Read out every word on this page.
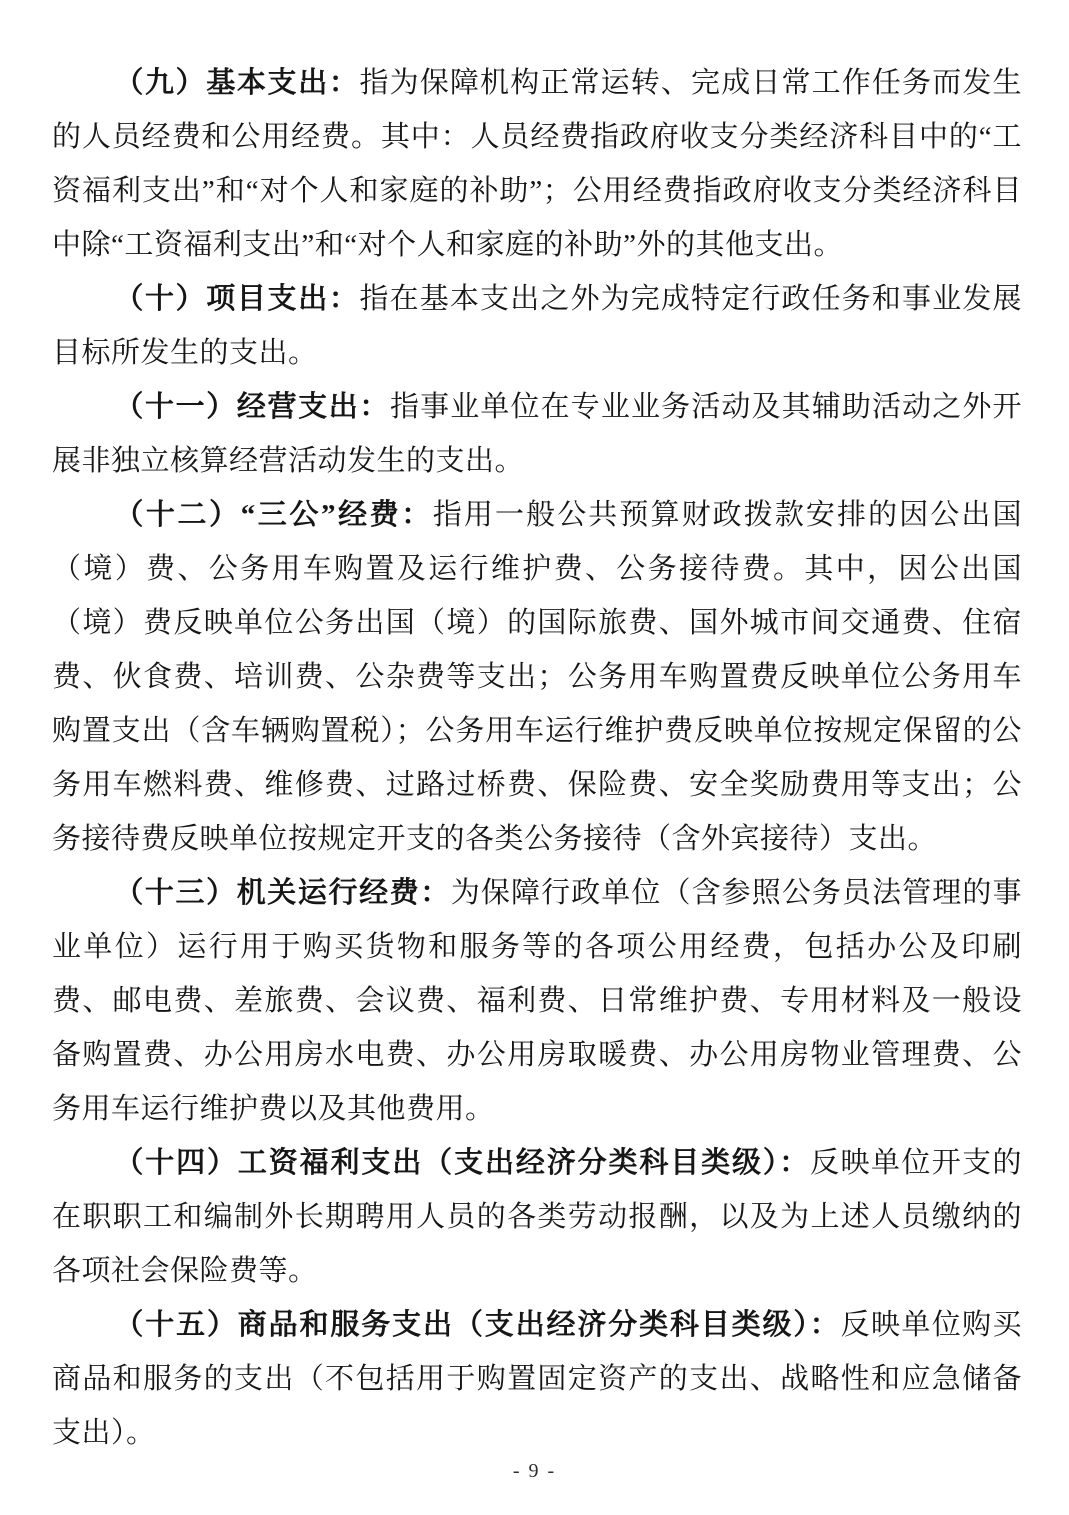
（九）基本支出：指为保障机构正常运转、完成日常工作任务而发生的人员经费和公用经费。其中：人员经费指政府收支分类经济科目中的“工资福利支出”和“对个人和家庭的补助”；公用经费指政府收支分类经济科目中除“工资福利支出”和“对个人和家庭的补助”外的其他支出。

（十）项目支出：指在基本支出之外为完成特定行政任务和事业发展目标所发生的支出。

（十一）经营支出：指事业单位在专业业务活动及其辅助活动之外开展非独立核算经营活动发生的支出。

（十二）“三公”经费：指用一般公共预算财政拨款安排的因公出国（境）费、公务用车购置及运行维护费、公务接待费。其中，因公出国（境）费反映单位公务出国（境）的国际旅费、国外城市间交通费、住宿费、伙食费、培训费、公杂费等支出；公务用车购置费反映单位公务用车购置支出（含车辆购置税）；公务用车运行维护费反映单位按规定保留的公务用车燃料费、维修费、过路过桥费、保险费、安全奖励费用等支出；公务接待费反映单位按规定开支的各类公务接待（含外宾接待）支出。

（十三）机关运行经费：为保障行政单位（含参照公务员法管理的事业单位）运行用于购买货物和服务等的各项公用经费，包括办公及印刷费、邮电费、差旅费、会议费、福利费、日常维护费、专用材料及一般设备购置费、办公用房水电费、办公用房取暖费、办公用房物业管理费、公务用车运行维护费以及其他费用。

（十四）工资福利支出（支出经济分类科目类级）：反映单位开支的在职职工和编制外长期聘用人员的各类劳动报酬，以及为上述人员缴纳的各项社会保险费等。

（十五）商品和服务支出（支出经济分类科目类级）：反映单位购买商品和服务的支出（不包括用于购置固定资产的支出、战略性和应急储备支出）。

- 9 -
